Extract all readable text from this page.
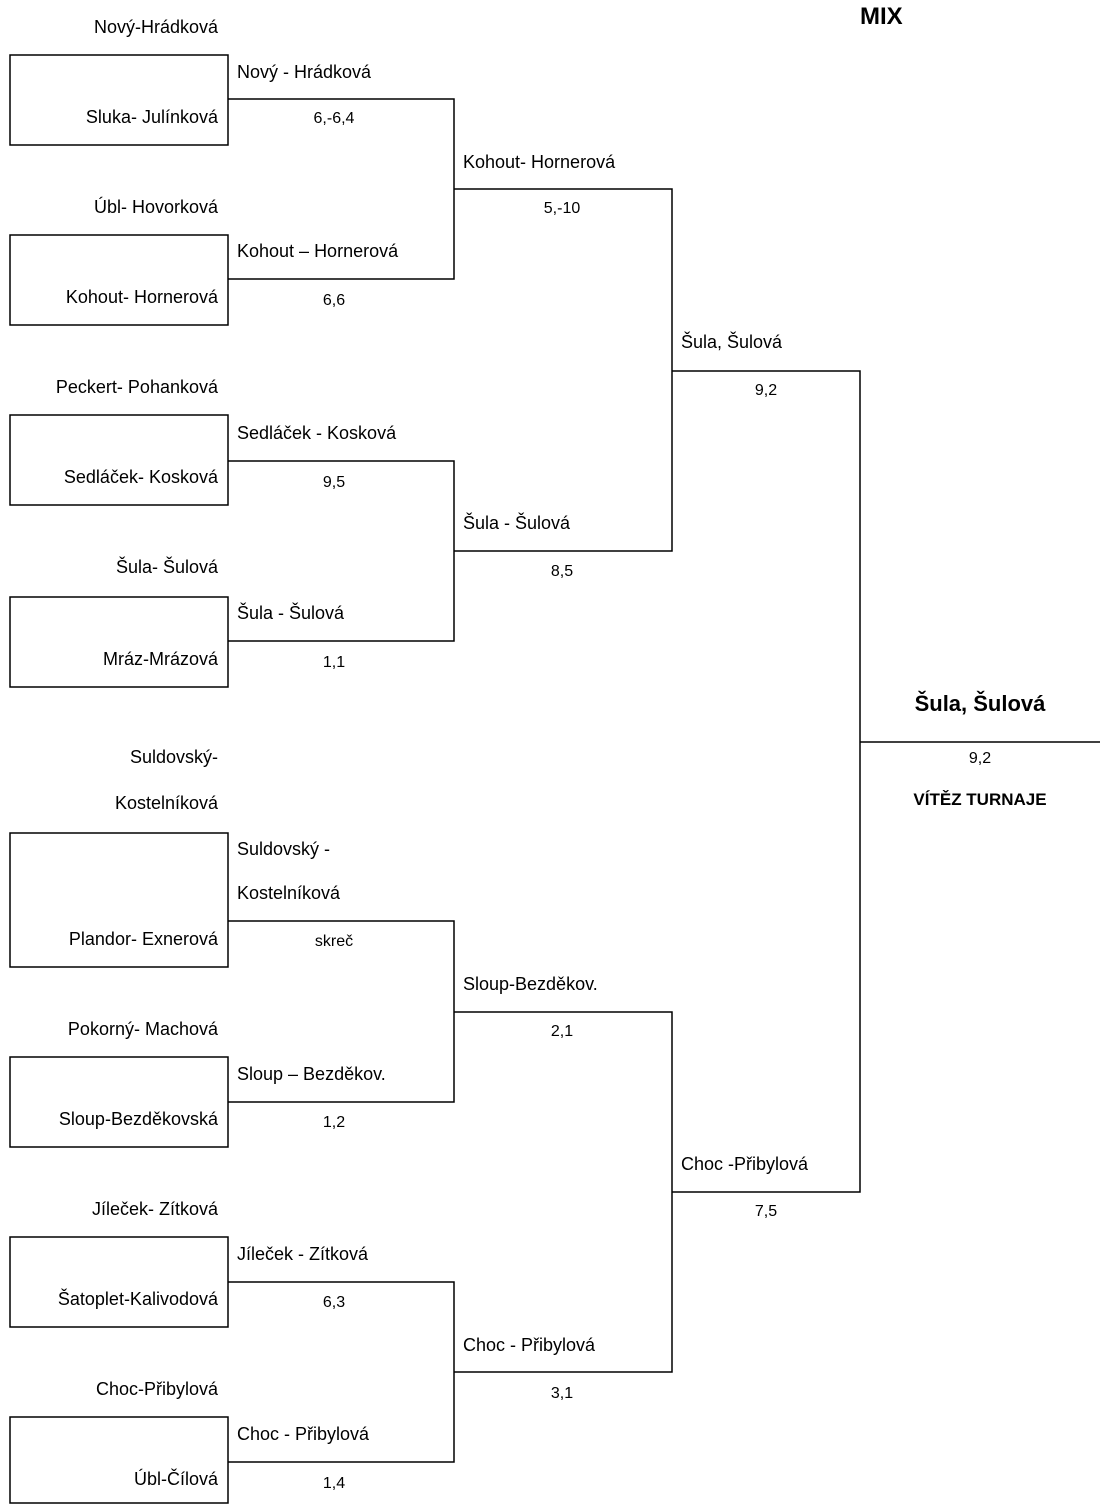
MIX
Nový-Hrádková
Sluka- Julínková
Nový - Hrádková
6,-6,4
Úbl- Hovorková
Kohout- Hornerová
Kohout – Hornerová
6,6
Peckert- Pohanková
Sedláček- Kosková
Sedláček - Kosková
9,5
Šula- Šulová
Mráz-Mrázová
Šula - Šulová
1,1
Suldovský-
Kostelníková
Plandor- Exnerová
Suldovský -
Kostelníková
skreč
Pokorný- Machová
Sloup-Bezděkovská
Sloup – Bezděkov.
1,2
Jíleček- Zítková
Šatoplet-Kalivodová
Jíleček - Zítková
6,3
Choc-Přibylová
Úbl-Čílová
Choc - Přibylová
1,4
Kohout- Hornerová
5,-10
Šula - Šulová
8,5
Sloup-Bezděkov.
2,1
Choc - Přibylová
3,1
Šula, Šulová
9,2
Choc -Přibylová
7,5
Šula, Šulová
9,2
VÍTĚZ TURNAJE
